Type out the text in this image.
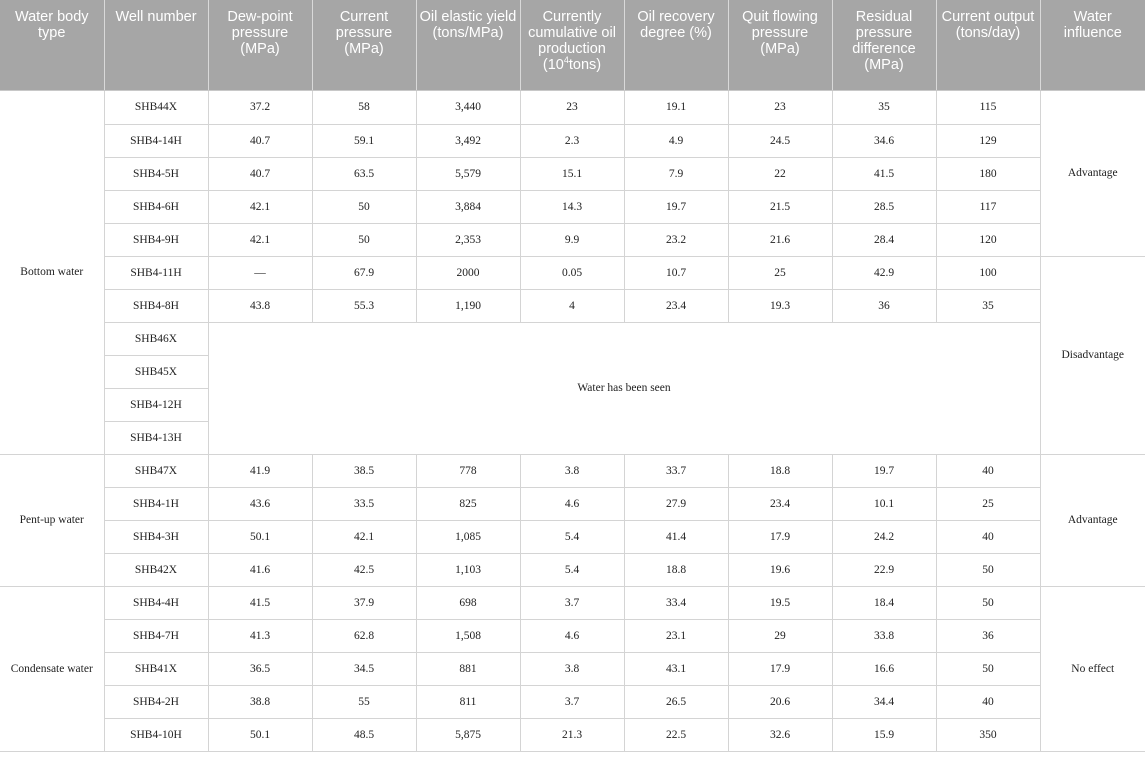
Water body type	Well number	Dew-point pressure (MPa)	Current pressure (MPa)	Oil elastic yield (tons/MPa)	Currently cumulative oil production $(10^4tons)$	Oil recovery degree (%)	Quit flowing pressure (MPa)	Residual pressure difference (MPa)	Current output (tons/day)	Water influence
Bottom water	SHB44X	37.2	58	3,440	23	19.1	23	35	115	Advantage
	SHB4-14H	40.7	59.1	3,492	2.3	4.9	24.5	34.6	129	
	SHB4-5H	40.7	63.5	5,579	15.1	7.9	22	41.5	180	
	SHB4-6H	42.1	50	3,884	14.3	19.7	21.5	28.5	117	
	SHB4-9H	42.1	50	2,353	9.9	23.2	21.6	28.4	120	
	SHB4-11H	—	67.9	2000	0.05	10.7	25	42.9	100	Disadvantage
	SHB4-8H	43.8	55.3	1,190	4	23.4	19.3	36	35	
	SHB46X	Water has been seen								
	SHB45X									
	SHB4-12H									
	SHB4-13H									
Pent-up water	SHB47X	41.9	38.5	778	3.8	33.7	18.8	19.7	40	Advantage
	SHB4-1H	43.6	33.5	825	4.6	27.9	23.4	10.1	25	
	SHB4-3H	50.1	42.1	1,085	5.4	41.4	17.9	24.2	40	
	SHB42X	41.6	42.5	1,103	5.4	18.8	19.6	22.9	50	
Condensate water	SHB4-4H	41.5	37.9	698	3.7	33.4	19.5	18.4	50	No effect
	SHB4-7H	41.3	62.8	1,508	4.6	23.1	29	33.8	36	
	SHB41X	36.5	34.5	881	3.8	43.1	17.9	16.6	50	
	SHB4-2H	38.8	55	811	3.7	26.5	20.6	34.4	40	
	SHB4-10H	50.1	48.5	5,875	21.3	22.5	32.6	15.9	350	
